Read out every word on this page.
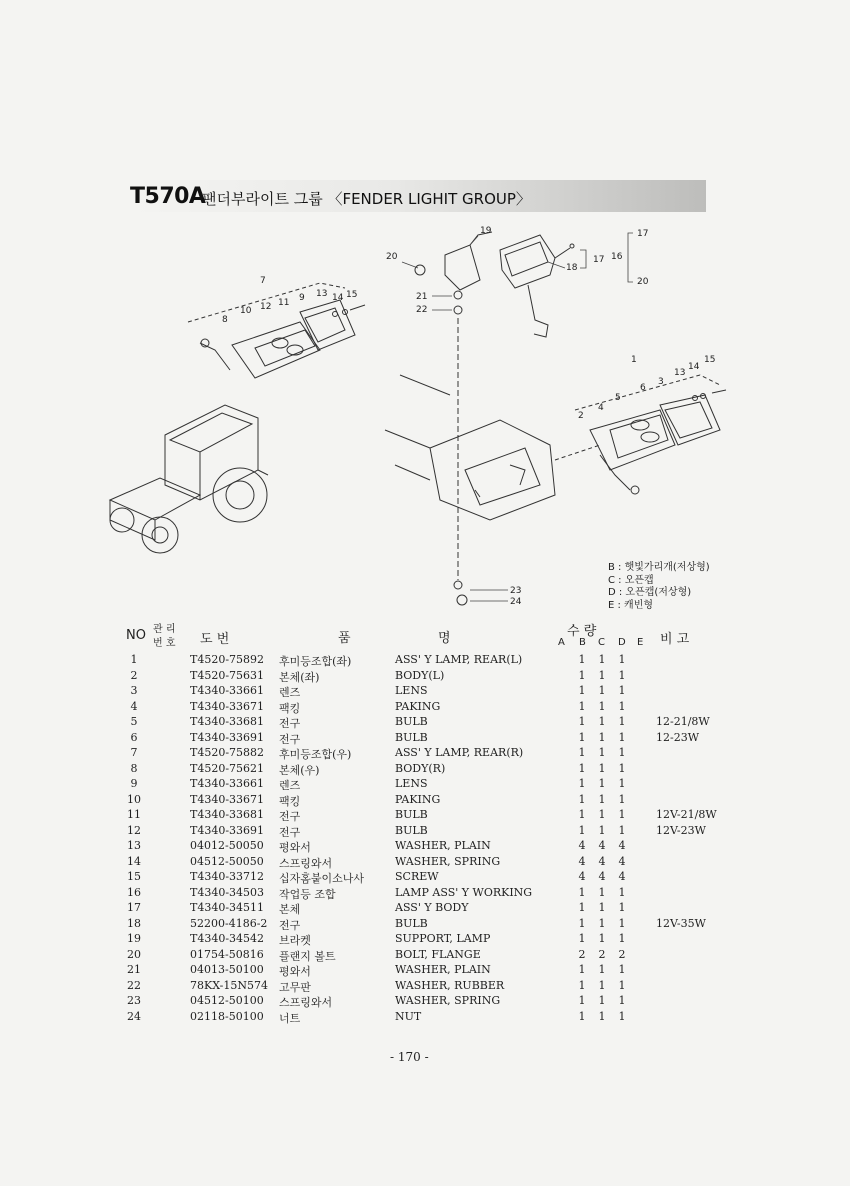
T570A
팬더부라이트 그룹 〈FENDER LIGHIT GROUP〉
7
8
10 12 11 9 13 14 15
20
19
18
17 16
17
20
21
22
1
2
4
5
6
3
13
14
15
23
24
B : 햇빛가리개(저상형)
C : 오픈캡
D : 오픈캡(저상형)
E : 캐빈형
NO 관 리
번 호 도 번	품	명	수 량
A B C D E 비 고
1	T4520-75892 후미등조합(좌)	ASS' Y LAMP, REAR(L)	1 1 1
2	T4520-75631 본체(좌)	BODY(L)	1 1 1
3	T4340-33661 렌즈	LENS	1 1 1
4	T4340-33671 팩킹	PAKING	1 1 1
5	T4340-33681 전구	BULB	1 1 1	12-21/8W
6	T4340-33691 전구	BULB	1 1 1	12-23W
7	T4520-75882 후미등조합(우)	ASS' Y LAMP, REAR(R)	1 1 1
8	T4520-75621 본체(우)	BODY(R)	1 1 1
9	T4340-33661 렌즈	LENS	1 1 1
10	T4340-33671 팩킹	PAKING	1 1 1
11	T4340-33681 전구	BULB	1 1 1	12V-21/8W
12	T4340-33691 전구	BULB	1 1 1	12V-23W
13	04012-50050 평와서	WASHER, PLAIN	4 4 4
14	04512-50050 스프링와서	WASHER, SPRING	4 4 4
15	T4340-33712 십자홈붙이소나사	SCREW	4 4 4
16	T4340-34503 작업등 조합	LAMP ASS' Y WORKING	1 1 1
17	T4340-34511 본체	ASS' Y BODY	1 1 1
18	52200-4186-2 전구	BULB	1 1 1	12V-35W
19	T4340-34542 브라켓	SUPPORT, LAMP	1 1 1
20	01754-50816 플랜지 볼트	BOLT, FLANGE	2 2 2
21	04013-50100 평와서	WASHER, PLAIN	1 1 1
22	78KX-15N574 고무판	WASHER, RUBBER	1 1 1
23	04512-50100 스프링와서	WASHER, SPRING	1 1 1
24	02118-50100 너트	NUT	1 1 1
- 170 -
